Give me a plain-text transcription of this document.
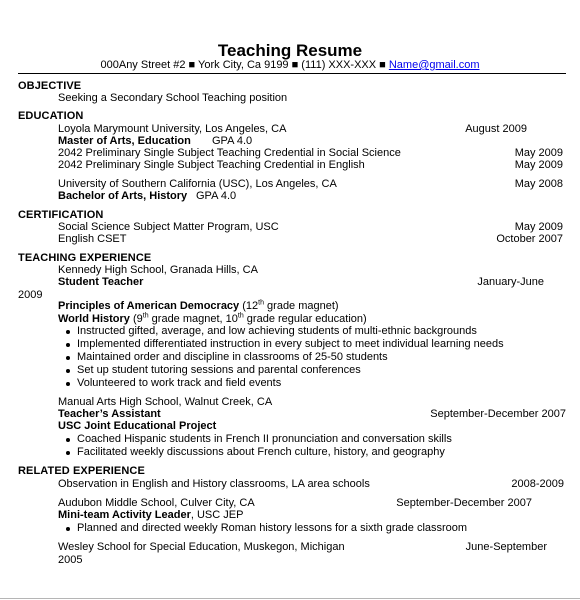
Teaching Resume
000Any Street #2 ■ York City, Ca 9199 ■ (111) XXX-XXX ■ Name@gmail.com
OBJECTIVE
Seeking a Secondary School Teaching position
EDUCATION
Loyola Marymount University, Los Angeles, CA	August 2009
Master of Arts, Education GPA 4.0
2042 Preliminary Single Subject Teaching Credential in Social Science	May 2009
2042 Preliminary Single Subject Teaching Credential in English	May 2009
University of Southern California (USC), Los Angeles, CA	May 2008
Bachelor of Arts, History GPA 4.0
CERTIFICATION
Social Science Subject Matter Program, USC	May 2009
English CSET	October 2007
TEACHING EXPERIENCE
Kennedy High School, Granada Hills, CA
Student Teacher	January-June
2009
Principles of American Democracy (12th grade magnet)
World History (9th grade magnet, 10th grade regular education)
Instructed gifted, average, and low achieving students of multi-ethnic backgrounds
Implemented differentiated instruction in every subject to meet individual learning needs
Maintained order and discipline in classrooms of 25-50 students
Set up student tutoring sessions and parental conferences
Volunteered to work track and field events
Manual Arts High School, Walnut Creek, CA
Teacher’s Assistant	September-December 2007
USC Joint Educational Project
Coached Hispanic students in French II pronunciation and conversation skills
Facilitated weekly discussions about French culture, history, and geography
RELATED EXPERIENCE
Observation in English and History classrooms, LA area schools	2008-2009
Audubon Middle School, Culver City, CA	September-December 2007
Mini-team Activity Leader, USC JEP
Planned and directed weekly Roman history lessons for a sixth grade classroom
Wesley School for Special Education, Muskegon, Michigan	June-September
2005
